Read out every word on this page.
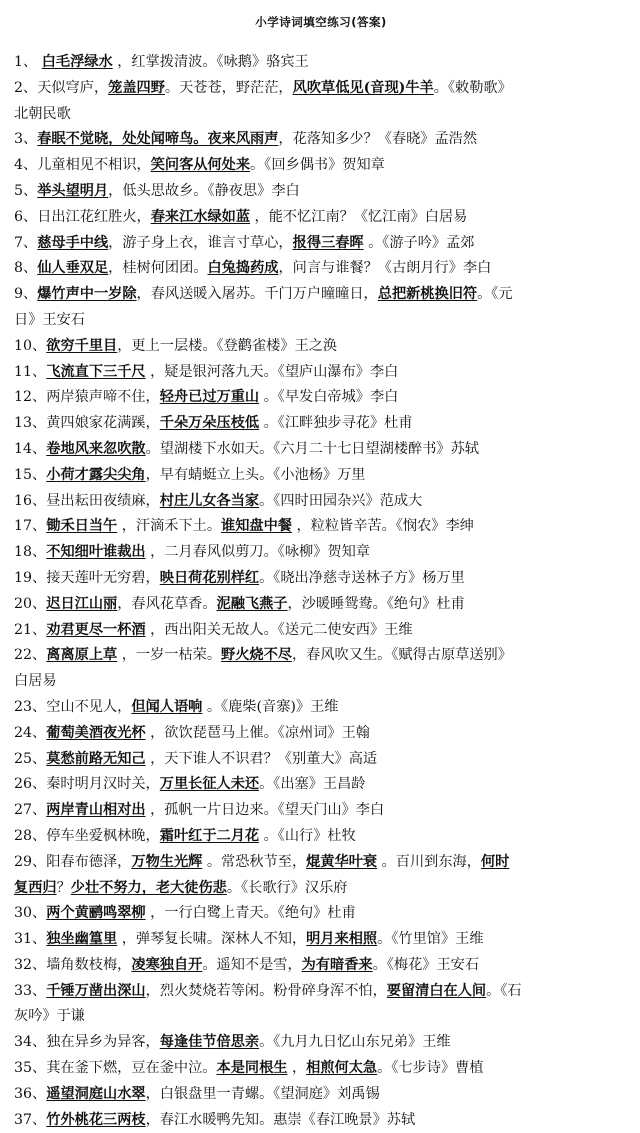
小学诗词填空练习(答案)
1、 白毛浮绿水 ，红掌拨清波。《咏鹅》骆宾王
2、天似穹庐，笼盖四野。天苍苍，野茫茫，风吹草低见(音现)牛羊。《敕勒歌》
北朝民歌
3、春眠不觉晓，处处闻啼鸟。夜来风雨声，花落知多少？《春晓》孟浩然
4、儿童相见不相识，笑问客从何处来。《回乡偶书》贺知章
5、举头望明月，低头思故乡。《静夜思》李白
6、日出江花红胜火，春来江水绿如蓝 ，能不忆江南？《忆江南》白居易
7、慈母手中线，游子身上衣，谁言寸草心，报得三春晖 。《游子吟》孟郊
8、仙人垂双足，桂树何团团。白兔捣药成，问言与谁餐？《古朗月行》李白
9、爆竹声中一岁除，春风送暖入屠苏。千门万户曈曈日，总把新桃换旧符。《元
日》王安石
10、欲穷千里目，更上一层楼。《登鹳雀楼》王之涣
11、飞流直下三千尺 ，疑是银河落九天。《望庐山瀑布》李白
12、两岸猿声啼不住，轻舟已过万重山 。《早发白帝城》李白
13、黄四娘家花满蹊，千朵万朵压枝低 。《江畔独步寻花》杜甫
14、卷地风来忽吹散。望湖楼下水如天。《六月二十七日望湖楼醉书》苏轼
15、小荷才露尖尖角，早有蜻蜓立上头。《小池杨》万里
16、昼出耘田夜绩麻，村庄儿女各当家。《四时田园杂兴》范成大
17、锄禾日当午 ，汗滴禾下土。谁知盘中餐 ，粒粒皆辛苦。《悯农》李绅
18、不知细叶谁裁出 ，二月春风似剪刀。《咏柳》贺知章
19、接天莲叶无穷碧，映日荷花别样红。《晓出净慈寺送林子方》杨万里
20、迟日江山丽，春风花草香。泥融飞燕子，沙暖睡鸳鸯。《绝句》杜甫
21、劝君更尽一杯酒 ，西出阳关无故人。《送元二使安西》王维
22、离离原上草 ，一岁一枯荣。野火烧不尽，春风吹又生。《赋得古原草送别》
白居易
23、空山不见人，但闻人语响 。《鹿柴(音寨)》王维
24、葡萄美酒夜光杯 ，欲饮琵琶马上催。《凉州词》王翰
25、莫愁前路无知己 ，天下谁人不识君？《别董大》高适
26、秦时明月汉时关，万里长征人未还。《出塞》王昌龄
27、两岸青山相对出 ，孤帆一片日边来。《望天门山》李白
28、停车坐爱枫林晚，霜叶红于二月花 。《山行》杜牧
29、阳春布德泽，万物生光辉 。常恐秋节至，焜黄华叶衰 。百川到东海，何时
复西归？少壮不努力，老大徒伤悲。《长歌行》汉乐府
30、两个黄鹂鸣翠柳 ，一行白鹭上青天。《绝句》杜甫
31、独坐幽篁里 ，弹琴复长啸。深林人不知，明月来相照。《竹里馆》王维
32、墙角数枝梅，凌寒独自开。遥知不是雪，为有暗香来。《梅花》王安石
33、千锤万凿出深山，烈火焚烧若等闲。粉骨碎身浑不怕，要留清白在人间。《石
灰吟》于谦
34、独在异乡为异客，每逢佳节倍思亲。《九月九日忆山东兄弟》王维
35、萁在釜下燃，豆在釜中泣。本是同根生 ，相煎何太急。《七步诗》曹植
36、遥望洞庭山水翠，白银盘里一青螺。《望洞庭》刘禹锡
37、竹外桃花三两枝，春江水暖鸭先知。惠崇《春江晚景》苏轼
